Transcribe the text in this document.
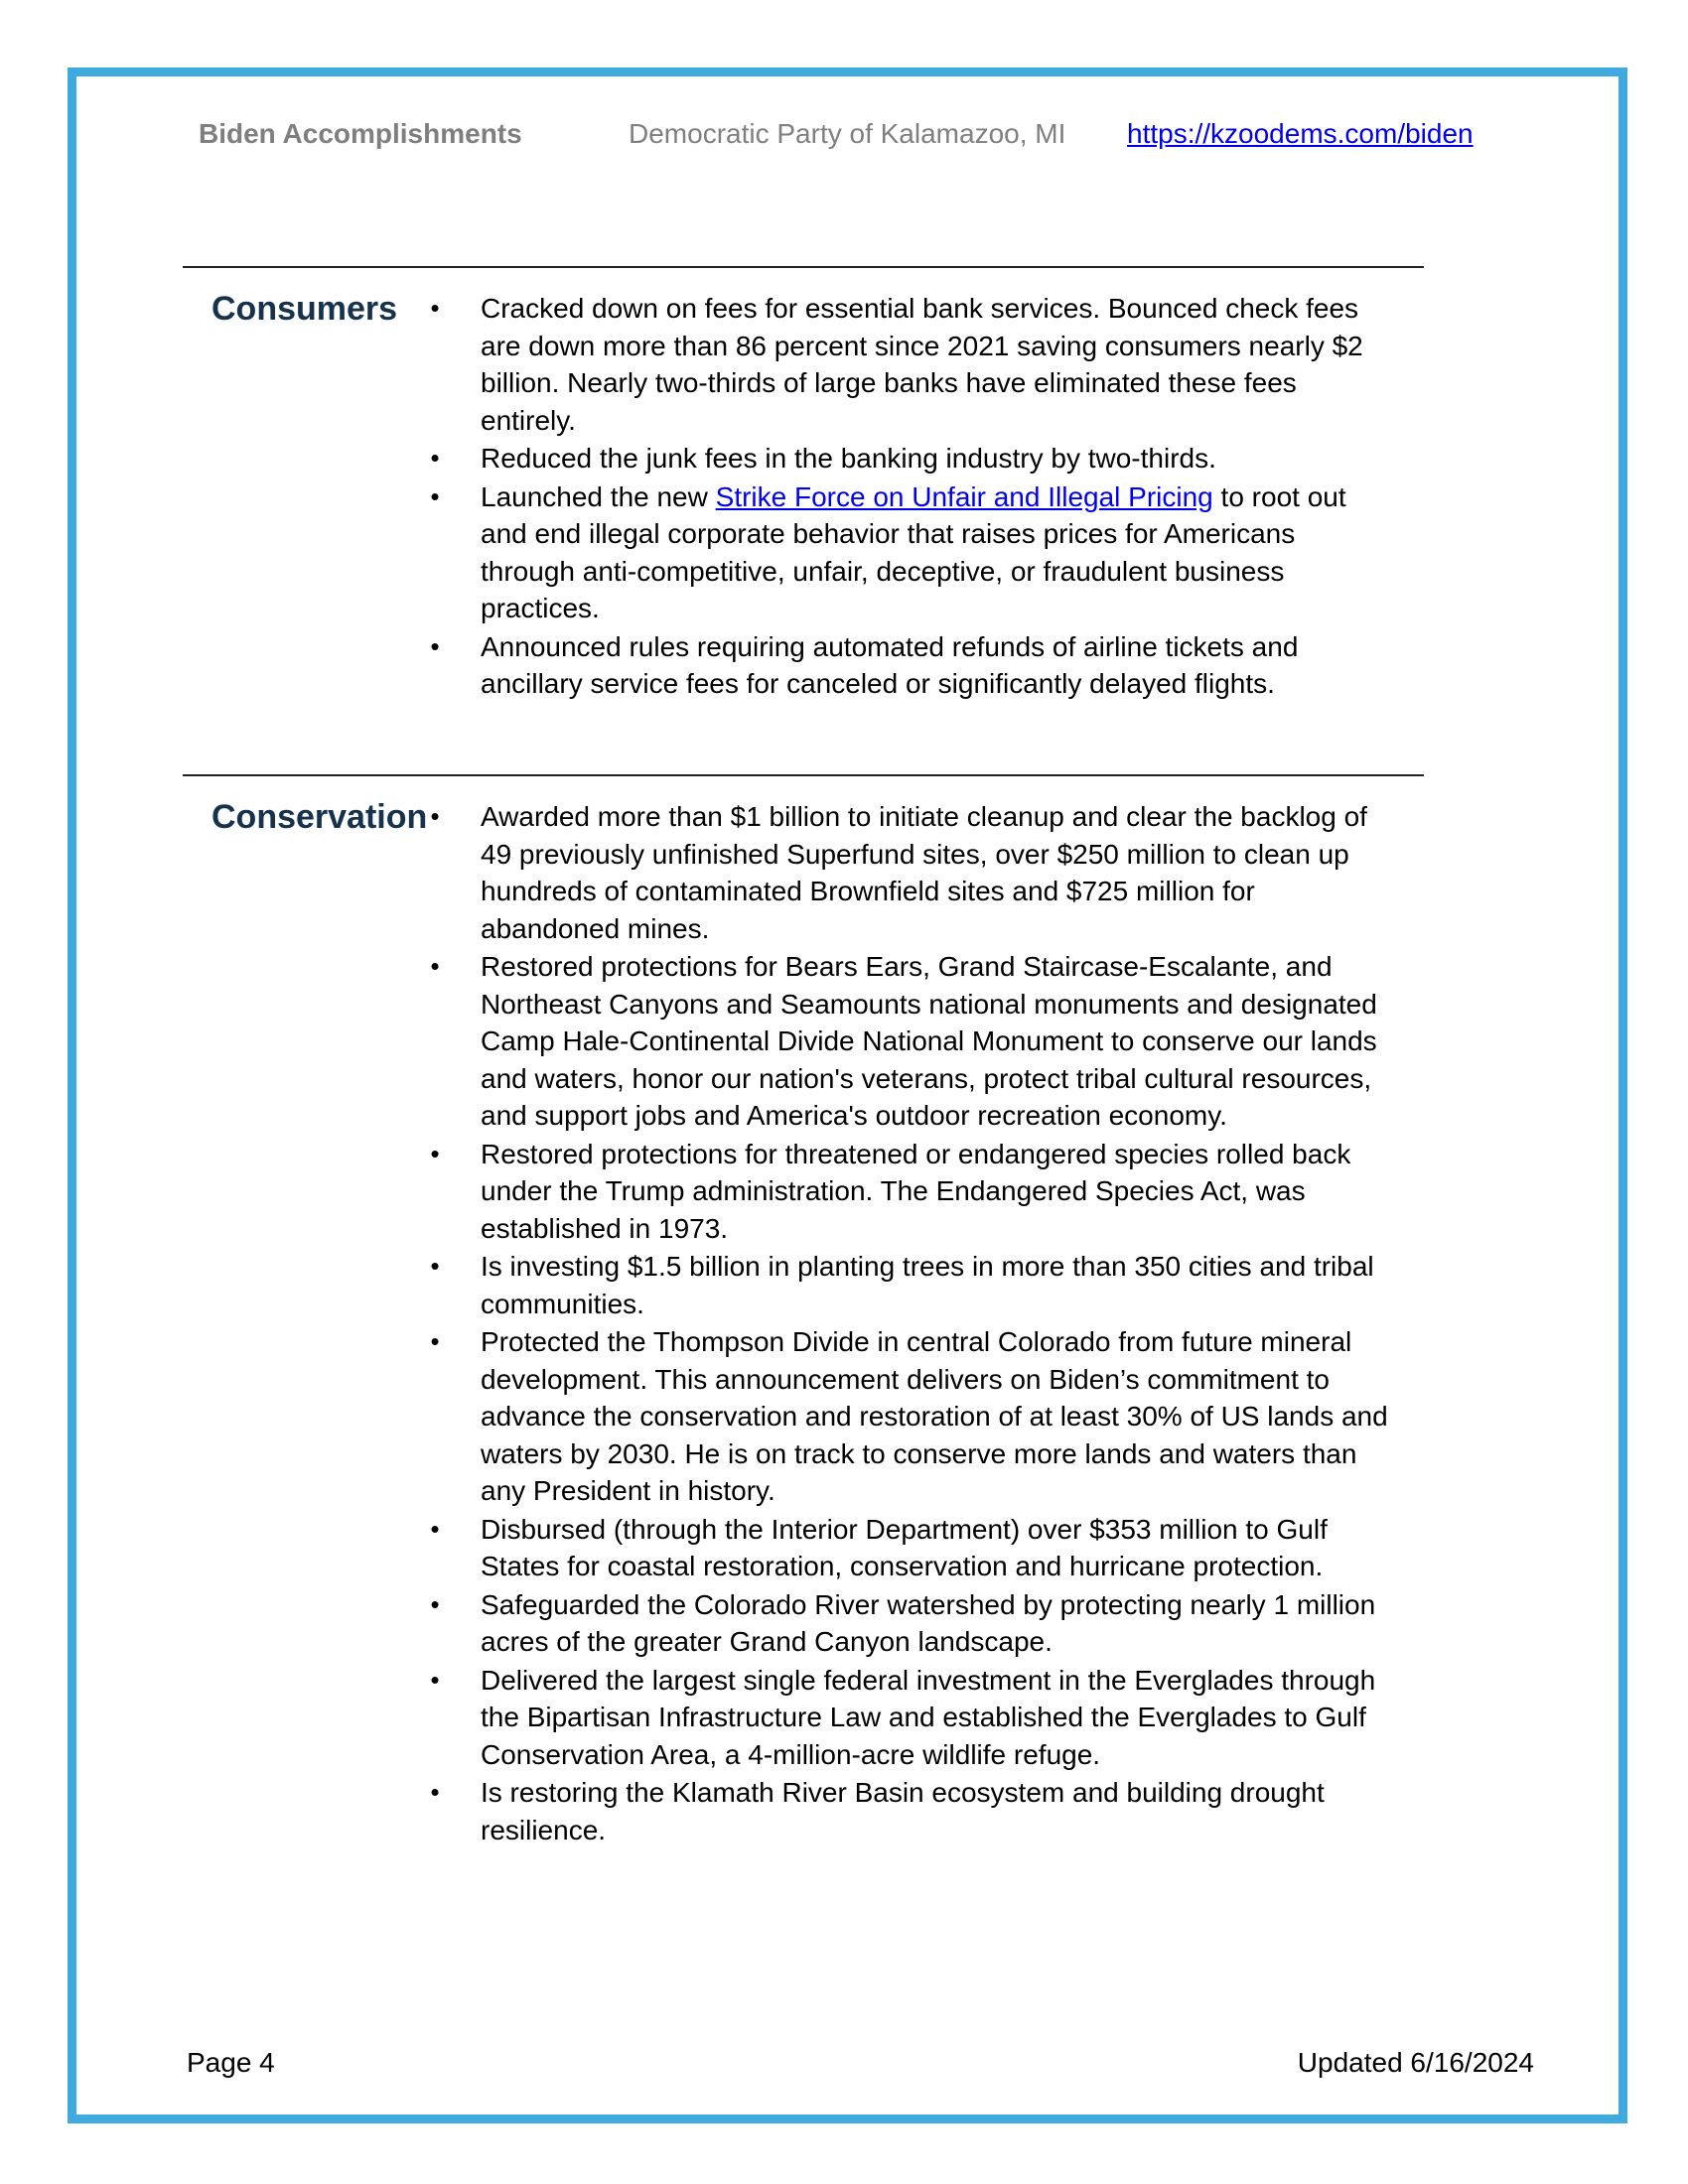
Biden Accomplishments	Democratic Party of Kalamazoo, MI https://kzoodems.com/biden
Consumers • Cracked down on fees for essential bank services. Bounced check fees are down more than 86 percent since 2021 saving consumers nearly $2 billion. Nearly two-thirds of large banks have eliminated these fees entirely.
• Reduced the junk fees in the banking industry by two-thirds.
• Launched the new Strike Force on Unfair and Illegal Pricing to root out and end illegal corporate behavior that raises prices for Americans through anti-competitive, unfair, deceptive, or fraudulent business practices.
• Announced rules requiring automated refunds of airline tickets and ancillary service fees for canceled or significantly delayed flights.
Conservation • Awarded more than $1 billion to initiate cleanup and clear the backlog of 49 previously unfinished Superfund sites, over $250 million to clean up hundreds of contaminated Brownfield sites and $725 million for abandoned mines.
• Restored protections for Bears Ears, Grand Staircase-Escalante, and Northeast Canyons and Seamounts national monuments and designated Camp Hale-Continental Divide National Monument to conserve our lands and waters, honor our nation's veterans, protect tribal cultural resources, and support jobs and America's outdoor recreation economy.
• Restored protections for threatened or endangered species rolled back under the Trump administration. The Endangered Species Act, was established in 1973.
• Is investing $1.5 billion in planting trees in more than 350 cities and tribal communities.
• Protected the Thompson Divide in central Colorado from future mineral development. This announcement delivers on Biden’s commitment to advance the conservation and restoration of at least 30% of US lands and waters by 2030. He is on track to conserve more lands and waters than any President in history.
• Disbursed (through the Interior Department) over $353 million to Gulf States for coastal restoration, conservation and hurricane protection.
• Safeguarded the Colorado River watershed by protecting nearly 1 million acres of the greater Grand Canyon landscape.
• Delivered the largest single federal investment in the Everglades through the Bipartisan Infrastructure Law and established the Everglades to Gulf Conservation Area, a 4-million-acre wildlife refuge.
• Is restoring the Klamath River Basin ecosystem and building drought resilience.
Page 4	Updated 6/16/2024
